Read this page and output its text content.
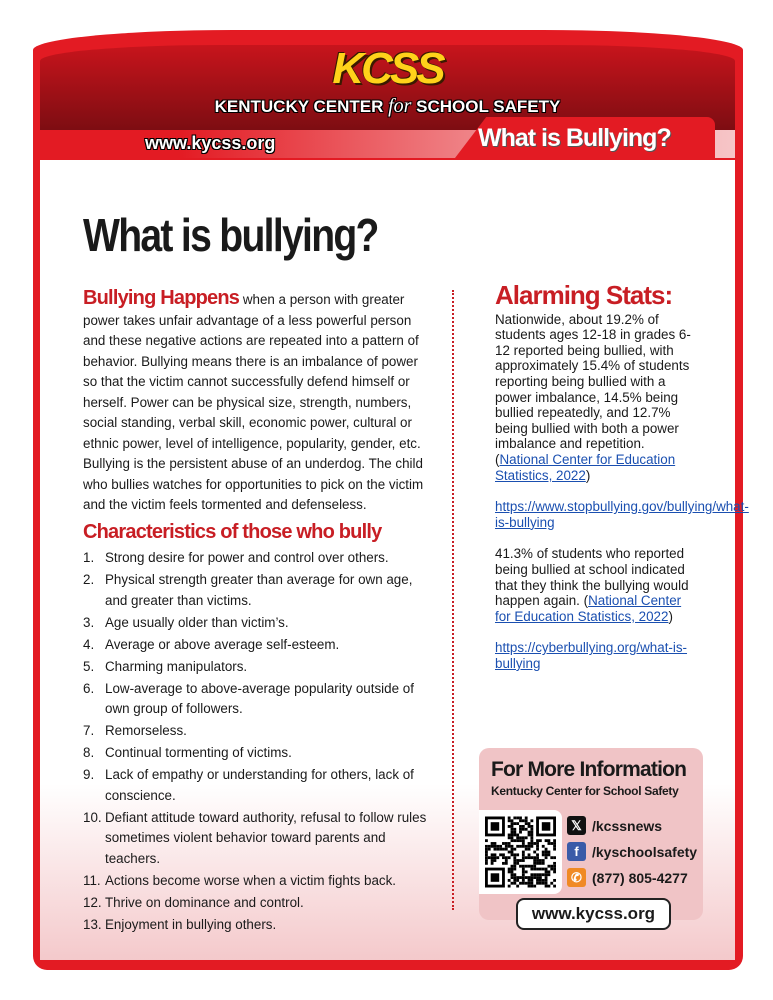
KCSS
KENTUCKY CENTER for SCHOOL SAFETY
www.kycss.org	What is Bullying?
What is bullying?

Bullying Happens when a person with greater power takes unfair advantage of a less powerful person and these negative actions are repeated into a pattern of behavior. Bullying means there is an imbalance of power so that the victim cannot successfully defend himself or herself. Power can be physical size, strength, numbers, social standing, verbal skill, economic power, cultural or ethnic power, level of intelligence, popularity, gender, etc. Bullying is the persistent abuse of an underdog. The child who bullies watches for opportunities to pick on the victim and the victim feels tormented and defenseless.

Characteristics of those who bully
1. Strong desire for power and control over others.
2. Physical strength greater than average for own age, and greater than victims.
3. Age usually older than victim’s.
4. Average or above average self-esteem.
5. Charming manipulators.
6. Low-average to above-average popularity outside of own group of followers.
7. Remorseless.
8. Continual tormenting of victims.
9. Lack of empathy or understanding for others, lack of conscience.
10. Defiant attitude toward authority, refusal to follow rules sometimes violent behavior toward parents and teachers.
11. Actions become worse when a victim fights back.
12. Thrive on dominance and control.
13. Enjoyment in bullying others.
Alarming Stats:

Nationwide, about 19.2% of students ages 12-18 in grades 6-12 reported being bullied, with approximately 15.4% of students reporting being bullied with a power imbalance, 14.5% being bullied repeatedly, and 12.7% being bullied with both a power imbalance and repetition. (National Center for Education Statistics, 2022)

https://www.stopbullying.gov/bullying/what-is-bullying

41.3% of students who reported being bullied at school indicated that they think the bullying would happen again. (National Center for Education Statistics, 2022)

https://cyberbullying.org/what-is-bullying

For More Information
Kentucky Center for School Safety
𝕏 /kcssnews
f /kyschoolsafety
✆ (877) 805-4277
www.kycss.org
